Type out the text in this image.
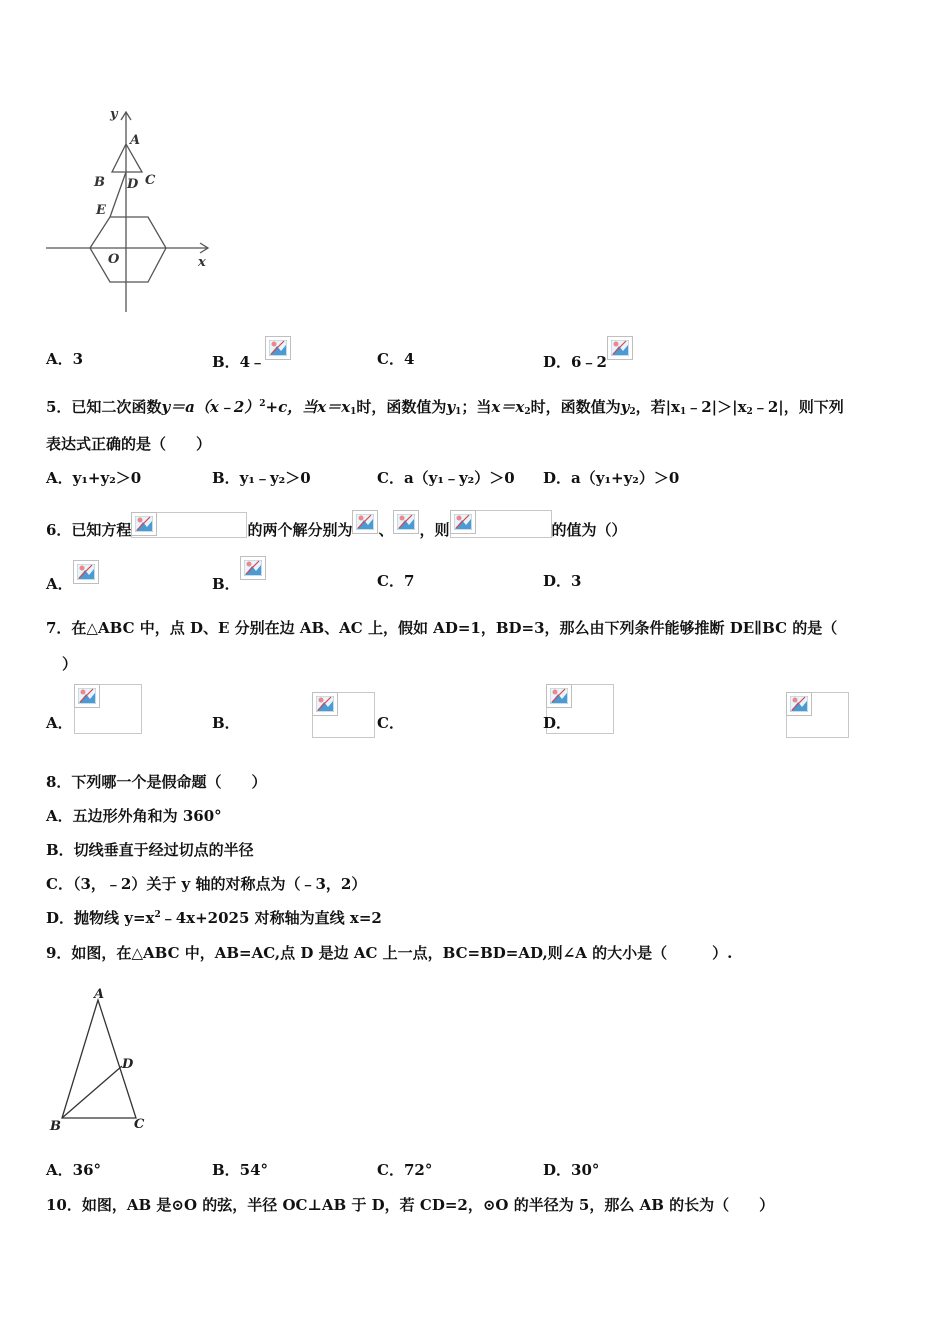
y
x
A
B	C
D
E
O
A．3	B．4﹣	C．4	D．6﹣2
5．已知二次函数y＝a（x﹣2）$^2$+c，当$x=x_1$时，函数值为$y_1$；当$x=x_2$时，函数值为$y_2$，若$|x_1﹣2|>|x_2﹣2|$，则下列
表达式正确的是（　　）
A．y₁+y₂＞0	B．y₁﹣y₂＞0	C．a（y₁﹣y₂）＞0 D．a（y₁+y₂）＞0
6．已知方程	的两个解分别为 、 ，则	的值为（）
A．	B．	C．7	D．3
7．在△ABC 中，点 D、E 分别在边 AB、AC 上，假如 AD=1，BD=3，那么由下列条件能够推断 DE∥BC 的是（
）
A．
	B．
	C．
	D．
8．下列哪一个是假命题（　　）
A．五边形外角和为 360°
B．切线垂直于经过切点的半径
C．（3，﹣2）关于 y 轴的对称点为（﹣3，2）
D．抛物线 $y=x^2﹣4x+2025$ 对称轴为直线 x=2
9．如图，在△ABC 中，AB=AC,点 D 是边 AC 上一点，BC=BD=AD,则∠A 的大小是（　　　）.
A
B	C
D
A．36°	B．54°	C．72°	D．30°
10．如图，AB 是⊙O 的弦，半径 OC⊥AB 于 D，若 CD=2，⊙O 的半径为 5，那么 AB 的长为（　　）
